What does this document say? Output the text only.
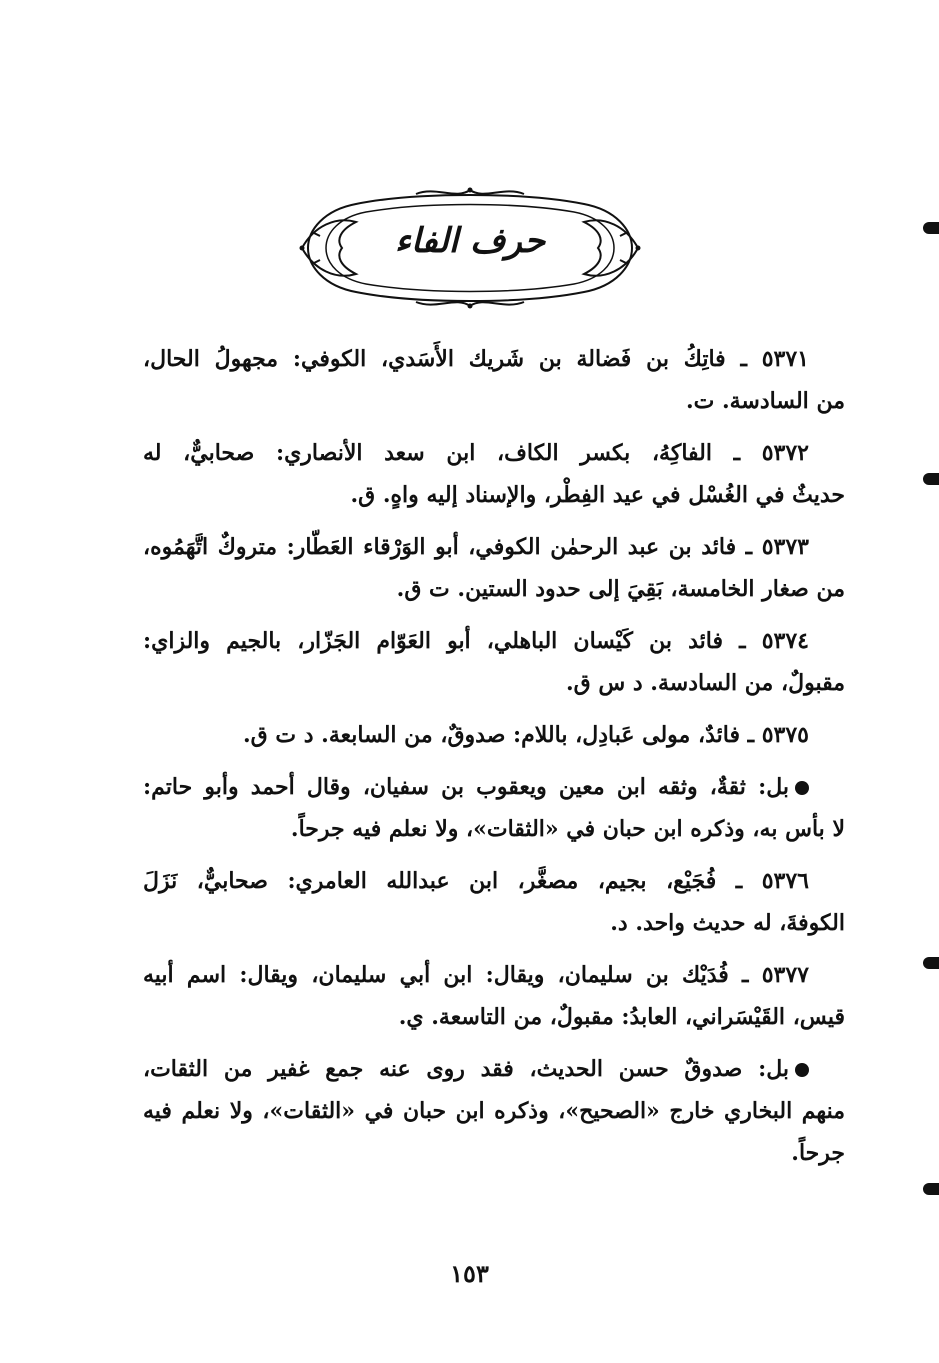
حرف الفاء
٥٣٧١ ـ فاتِكُ بن فَضالة بن شَريك الأَسَدي، الكوفي: مجهولُ الحال،
من السادسة. ت.
٥٣٧٢ ـ الفاكِهُ، بكسر الكاف، ابن سعد الأنصاري: صحابيٌّ، له
حديثٌ في الغُسْل في عيد الفِطْر، والإسناد إليه واهٍ. ق.
٥٣٧٣ ـ فائد بن عبد الرحمٰن الكوفي، أبو الوَرْقاء العَطّار: متروكٌ اتَّهَمُوه،
من صغار الخامسة، بَقِيَ إلى حدود الستين. ت ق.
٥٣٧٤ ـ فائد بن كَيْسان الباهلي، أبو العَوّام الجَزّار، بالجيم والزاي:
مقبولٌ، من السادسة. د س ق.
٥٣٧٥ ـ فائدٌ، مولى عَبادِل، باللام: صدوقٌ، من السابعة. د ت ق.
بل: ثقةٌ، وثقه ابن معين ويعقوب بن سفيان، وقال أحمد وأبو حاتم:
لا بأس به، وذكره ابن حبان في «الثقات»، ولا نعلم فيه جرحاً.
٥٣٧٦ ـ فُجَيْع، بجيم، مصغَّر، ابن عبدالله العامري: صحابيٌّ، نَزَلَ
الكوفةَ، له حديث واحد. د.
٥٣٧٧ ـ فُدَيْك بن سليمان، ويقال: ابن أبي سليمان، ويقال: اسم أبيه
قيس، القَيْسَراني، العابدُ: مقبولٌ، من التاسعة. ي.
بل: صدوقٌ حسن الحديث، فقد روى عنه جمع غفير من الثقات،
منهم البخاري خارج «الصحيح»، وذكره ابن حبان في «الثقات»، ولا نعلم فيه
جرحاً.
١٥٣
